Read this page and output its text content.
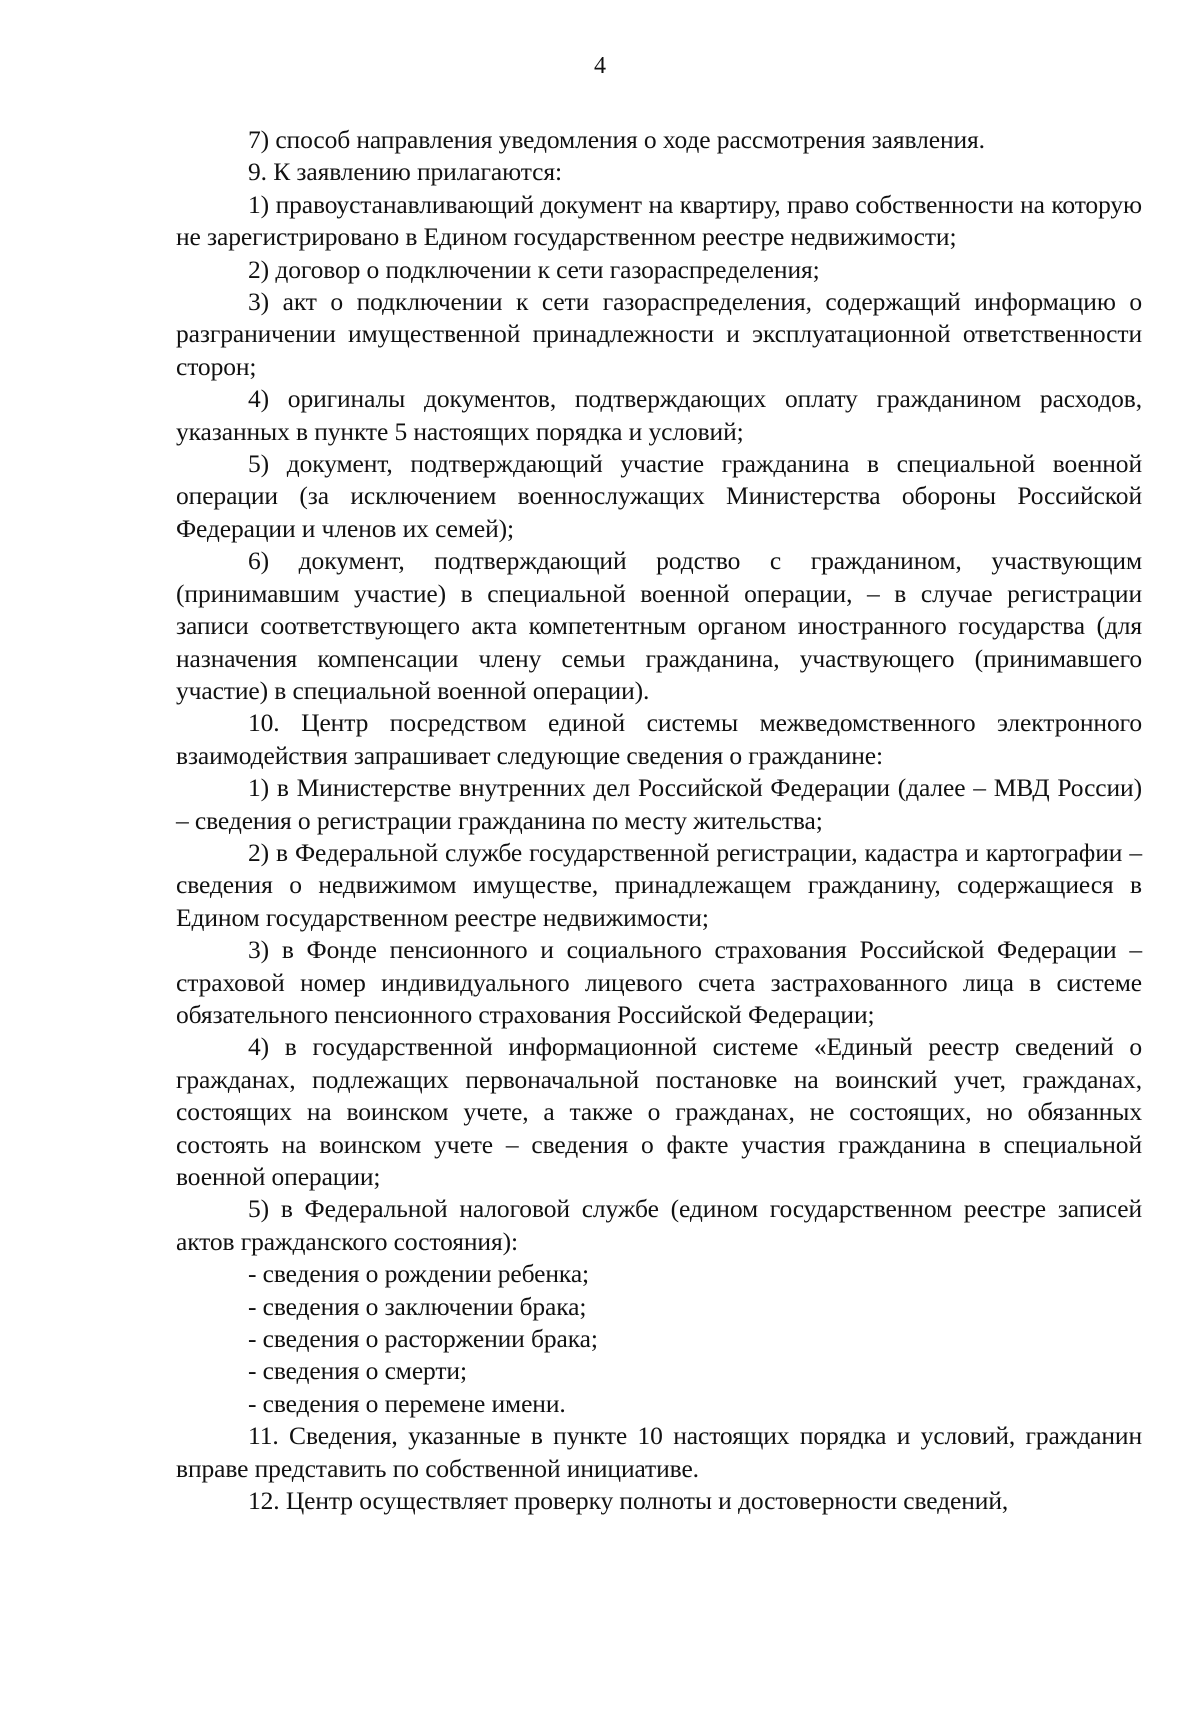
4

7) способ направления уведомления о ходе рассмотрения заявления.

9. К заявлению прилагаются:

1) правоустанавливающий документ на квартиру, право собственности на которую не зарегистрировано в Едином государственном реестре недвижимости;

2) договор о подключении к сети газораспределения;

3) акт о подключении к сети газораспределения, содержащий информацию о разграничении имущественной принадлежности и эксплуатационной ответственности сторон;

4) оригиналы документов, подтверждающих оплату гражданином расходов, указанных в пункте 5 настоящих порядка и условий;

5) документ, подтверждающий участие гражданина в специальной военной операции (за исключением военнослужащих Министерства обороны Российской Федерации и членов их семей);

6) документ, подтверждающий родство с гражданином, участвующим (принимавшим участие) в специальной военной операции, – в случае регистрации записи соответствующего акта компетентным органом иностранного государства (для назначения компенсации члену семьи гражданина, участвующего (принимавшего участие) в специальной военной операции).

10. Центр посредством единой системы межведомственного электронного взаимодействия запрашивает следующие сведения о гражданине:

1) в Министерстве внутренних дел Российской Федерации (далее – МВД России) – сведения о регистрации гражданина по месту жительства;

2) в Федеральной службе государственной регистрации, кадастра и картографии – сведения о недвижимом имуществе, принадлежащем гражданину, содержащиеся в Едином государственном реестре недвижимости;

3) в Фонде пенсионного и социального страхования Российской Федерации – страховой номер индивидуального лицевого счета застрахованного лица в системе обязательного пенсионного страхования Российской Федерации;

4) в государственной информационной системе «Единый реестр сведений о гражданах, подлежащих первоначальной постановке на воинский учет, гражданах, состоящих на воинском учете, а также о гражданах, не состоящих, но обязанных состоять на воинском учете – сведения о факте участия гражданина в специальной военной операции;

5) в Федеральной налоговой службе (едином государственном реестре записей актов гражданского состояния):

- сведения о рождении ребенка;

- сведения о заключении брака;

- сведения о расторжении брака;

- сведения о смерти;

- сведения о перемене имени.

11. Сведения, указанные в пункте 10 настоящих порядка и условий, гражданин вправе представить по собственной инициативе.

12. Центр осуществляет проверку полноты и достоверности сведений,
